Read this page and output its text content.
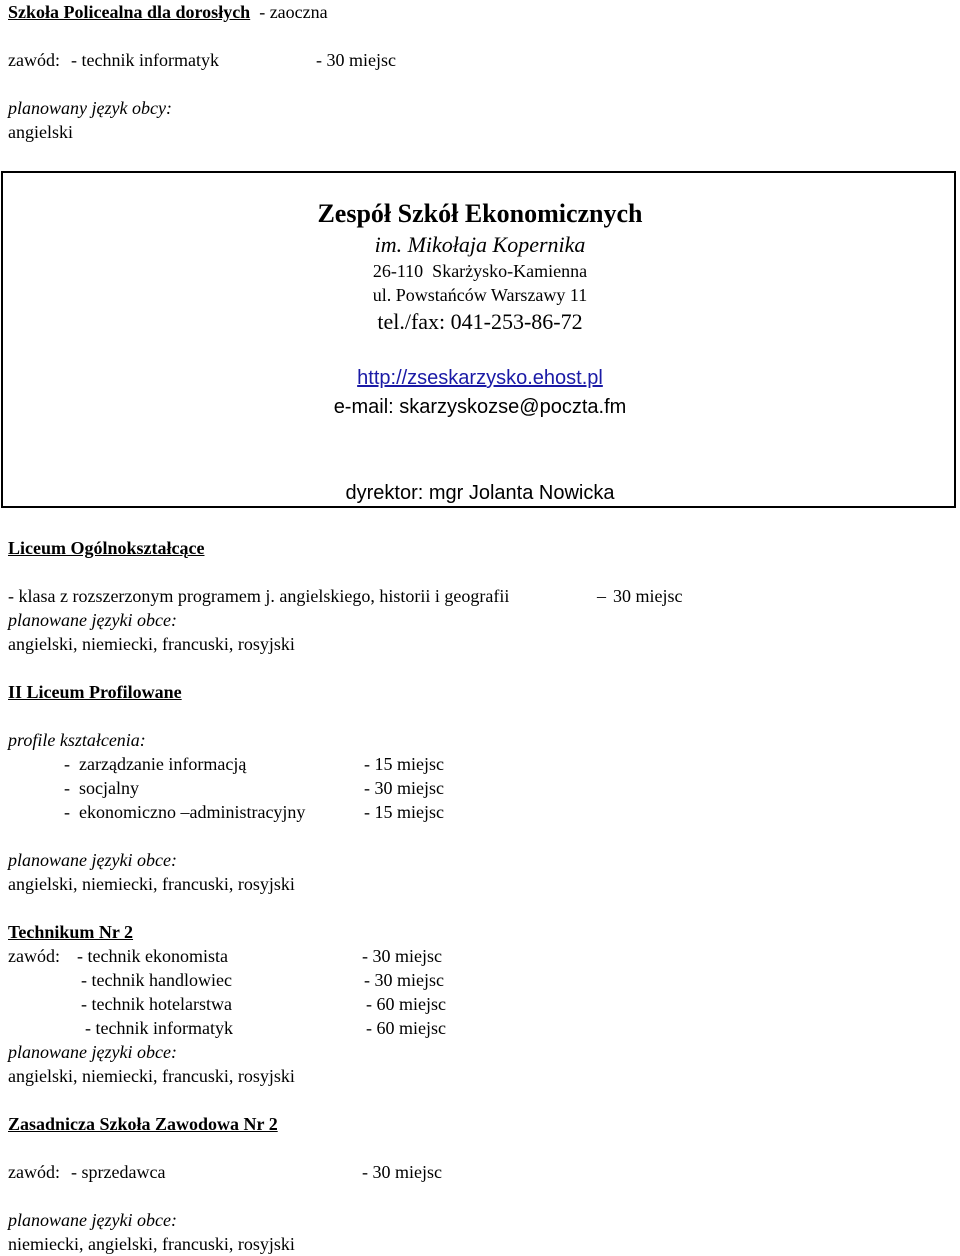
Szkoła Policealna dla dorosłych  - zaoczna
zawód: - technik informatyk	- 30 miejsc
planowany język obcy:
angielski
Zespół Szkół Ekonomicznych
im. Mikołaja Kopernika
26-110  Skarżysko-Kamienna
ul. Powstańców Warszawy 11
tel./fax: 041-253-86-72
http://zseskarzysko.ehost.pl
e-mail: skarzyskozse@poczta.fm
dyrektor: mgr Jolanta Nowicka
Liceum Ogólnokształcące
- klasa z rozszerzonym programem j. angielskiego, historii i geografii	– 30 miejsc
planowane języki obce:
angielski, niemiecki, francuski, rosyjski
II Liceum Profilowane
profile kształcenia:
-  zarządzanie informacją	- 15 miejsc
-  socjalny	- 30 miejsc
-  ekonomiczno –administracyjny	- 15 miejsc
planowane języki obce:
angielski, niemiecki, francuski, rosyjski
Technikum Nr 2
zawód: - technik ekonomista	- 30 miejsc
- technik handlowiec	- 30 miejsc
- technik hotelarstwa	- 60 miejsc
- technik informatyk	- 60 miejsc
planowane języki obce:
angielski, niemiecki, francuski, rosyjski
Zasadnicza Szkoła Zawodowa Nr 2
zawód: - sprzedawca	- 30 miejsc
planowane języki obce:
niemiecki, angielski, francuski, rosyjski
